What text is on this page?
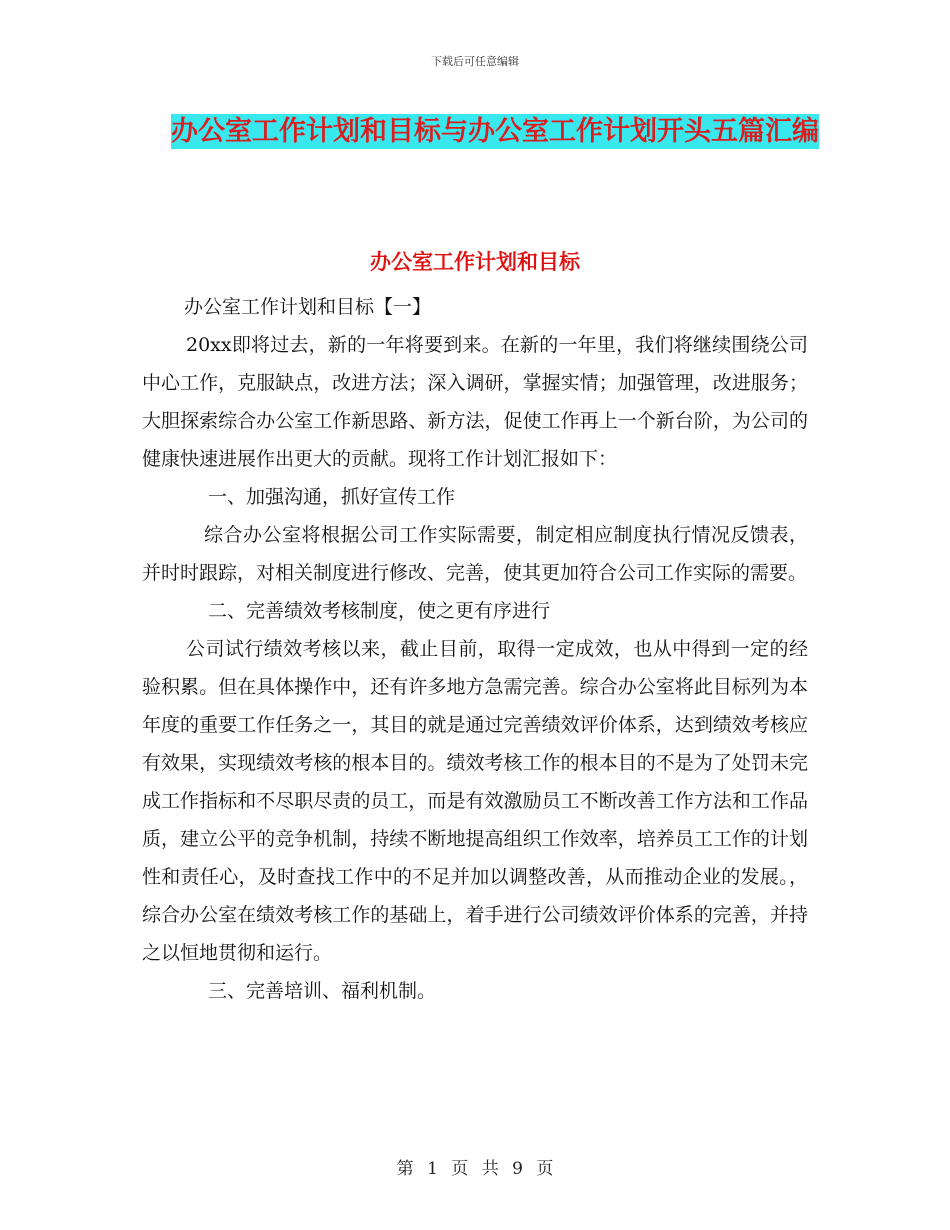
下载后可任意编辑
办公室工作计划和目标与办公室工作计划开头五篇汇编
办公室工作计划和目标

办公室工作计划和目标【一】

20xx即将过去，新的一年将要到来。在新的一年里，我们将继续围绕公司中心工作，克服缺点，改进方法；深入调研，掌握实情；加强管理，改进服务；大胆探索综合办公室工作新思路、新方法，促使工作再上一个新台阶，为公司的健康快速进展作出更大的贡献。现将工作计划汇报如下：

一、加强沟通，抓好宣传工作

综合办公室将根据公司工作实际需要，制定相应制度执行情况反馈表，并时时跟踪，对相关制度进行修改、完善，使其更加符合公司工作实际的需要。

二、完善绩效考核制度，使之更有序进行

公司试行绩效考核以来，截止目前，取得一定成效，也从中得到一定的经验积累。但在具体操作中，还有许多地方急需完善。综合办公室将此目标列为本年度的重要工作任务之一，其目的就是通过完善绩效评价体系，达到绩效考核应有效果，实现绩效考核的根本目的。绩效考核工作的根本目的不是为了处罚未完成工作指标和不尽职尽责的员工，而是有效激励员工不断改善工作方法和工作品质，建立公平的竞争机制，持续不断地提高组织工作效率，培养员工工作的计划性和责任心，及时查找工作中的不足并加以调整改善，从而推动企业的发展。，综合办公室在绩效考核工作的基础上，着手进行公司绩效评价体系的完善，并持之以恒地贯彻和运行。

三、完善培训、福利机制。

第 1 页 共 9 页
